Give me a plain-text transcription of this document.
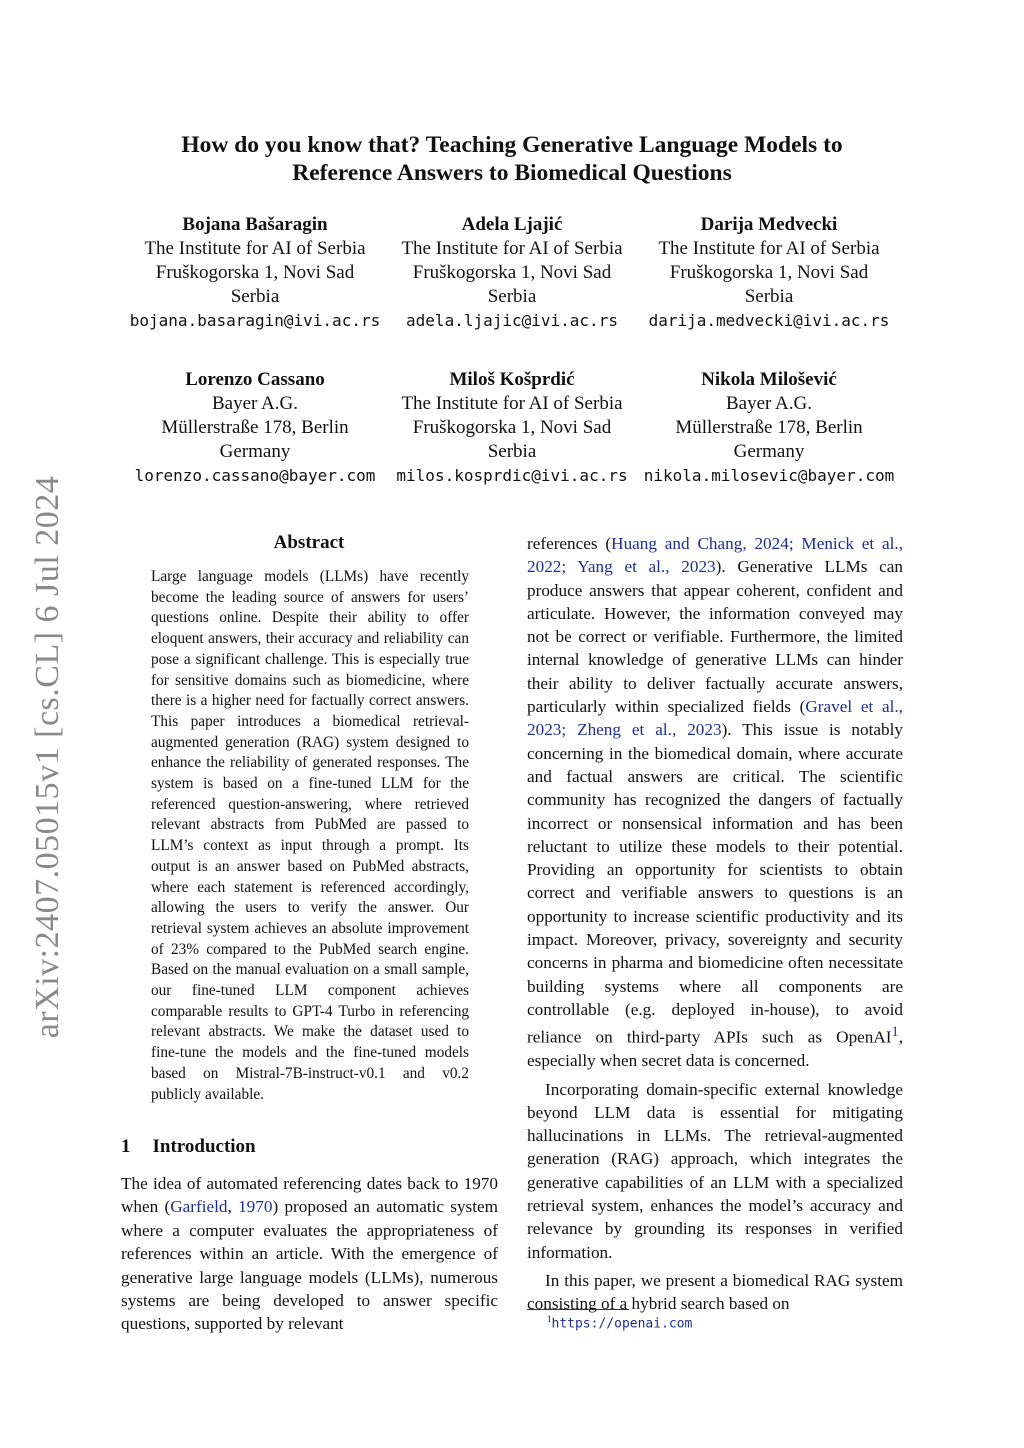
arXiv:2407.05015v1 [cs.CL] 6 Jul 2024
How do you know that? Teaching Generative Language Models to
Reference Answers to Biomedical Questions
Bojana Bašaragin
The Institute for AI of Serbia
Fruškogorska 1, Novi Sad
Serbia
bojana.basaragin@ivi.ac.rs
Adela Ljajić
The Institute for AI of Serbia
Fruškogorska 1, Novi Sad
Serbia
adela.ljajic@ivi.ac.rs
Darija Medvecki
The Institute for AI of Serbia
Fruškogorska 1, Novi Sad
Serbia
darija.medvecki@ivi.ac.rs
Lorenzo Cassano
Bayer A.G.
Müllerstraße 178, Berlin
Germany
lorenzo.cassano@bayer.com
Miloš Košprdić
The Institute for AI of Serbia
Fruškogorska 1, Novi Sad
Serbia
milos.kosprdic@ivi.ac.rs
Nikola Milošević
Bayer A.G.
Müllerstraße 178, Berlin
Germany
nikola.milosevic@bayer.com
Abstract
Large language models (LLMs) have recently become the leading source of answers for users’ questions online. Despite their ability to offer eloquent answers, their accuracy and reliability can pose a significant challenge. This is especially true for sensitive domains such as biomedicine, where there is a higher need for factually correct answers. This paper introduces a biomedical retrieval-augmented generation (RAG) system designed to enhance the reliability of generated responses. The system is based on a fine-tuned LLM for the referenced question-answering, where retrieved relevant abstracts from PubMed are passed to LLM’s context as input through a prompt. Its output is an answer based on PubMed abstracts, where each statement is referenced accordingly, allowing the users to verify the answer. Our retrieval system achieves an absolute improvement of 23% compared to the PubMed search engine. Based on the manual evaluation on a small sample, our fine-tuned LLM component achieves comparable results to GPT-4 Turbo in referencing relevant abstracts. We make the dataset used to fine-tune the models and the fine-tuned models based on Mistral-7B-instruct-v0.1 and v0.2 publicly available.
1 Introduction
The idea of automated referencing dates back to 1970 when (Garfield, 1970) proposed an automatic system where a computer evaluates the appropriateness of references within an article. With the emergence of generative large language models (LLMs), numerous systems are being developed to answer specific questions, supported by relevant

references (Huang and Chang, 2024; Menick et al., 2022; Yang et al., 2023). Generative LLMs can produce answers that appear coherent, confident and articulate. However, the information conveyed may not be correct or verifiable. Furthermore, the limited internal knowledge of generative LLMs can hinder their ability to deliver factually accurate answers, particularly within specialized fields (Gravel et al., 2023; Zheng et al., 2023). This issue is notably concerning in the biomedical domain, where accurate and factual answers are critical. The scientific community has recognized the dangers of factually incorrect or nonsensical information and has been reluctant to utilize these models to their potential. Providing an opportunity for scientists to obtain correct and verifiable answers to questions is an opportunity to increase scientific productivity and its impact. Moreover, privacy, sovereignty and security concerns in pharma and biomedicine often necessitate building systems where all components are controllable (e.g. deployed in-house), to avoid reliance on third-party APIs such as OpenAI$^1$, especially when secret data is concerned.

Incorporating domain-specific external knowledge beyond LLM data is essential for mitigating hallucinations in LLMs. The retrieval-augmented generation (RAG) approach, which integrates the generative capabilities of an LLM with a specialized retrieval system, enhances the model’s accuracy and relevance by grounding its responses in verified information.

In this paper, we present a biomedical RAG system consisting of a hybrid search based on

$^1$https://openai.com
